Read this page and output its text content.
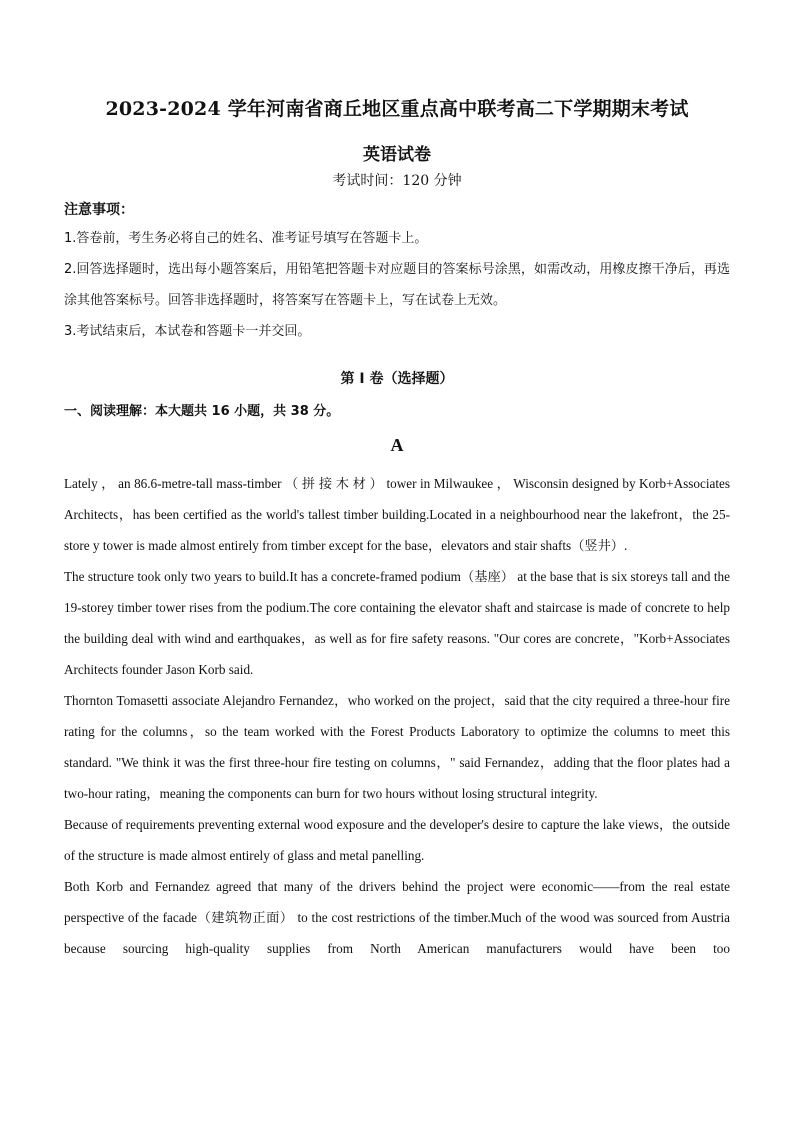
2023-2024 学年河南省商丘地区重点高中联考高二下学期期末考试
英语试卷
考试时间：120 分钟
注意事项：
1.答卷前，考生务必将自己的姓名、准考证号填写在答题卡上。
2.回答选择题时，选出每小题答案后，用铅笔把答题卡对应题目的答案标号涂黑，如需改动，用橡皮擦干净后，再选涂其他答案标号。回答非选择题时，将答案写在答题卡上，写在试卷上无效。
3.考试结束后，本试卷和答题卡一并交回。
第 I 卷（选择题）
一、阅读理解：本大题共 16 小题，共 38 分。
A

Lately ， an 86.6-metre-tall mass-timber （ 拼 接 木 材 ） tower in Milwaukee ， Wisconsin designed by Korb+Associates Architects，has been certified as the world's tallest timber building.Located in a neighbourhood near the lakefront，the 25-store y tower is made almost entirely from timber except for the base，elevators and stair shafts（竖井）.

The structure took only two years to build.It has a concrete-framed podium（基座） at the base that is six storeys tall and the 19-storey timber tower rises from the podium.The core containing the elevator shaft and staircase is made of concrete to help the building deal with wind and earthquakes，as well as for fire safety reasons. "Our cores are concrete，"Korb+Associates Architects founder Jason Korb said.

Thornton Tomasetti associate Alejandro Fernandez，who worked on the project，said that the city required a three-hour fire rating for the columns，so the team worked with the Forest Products Laboratory to optimize the columns to meet this standard. "We think it was the first three-hour fire testing on columns，" said Fernandez，adding that the floor plates had a two-hour rating，meaning the components can burn for two hours without losing structural integrity.

Because of requirements preventing external wood exposure and the developer's desire to capture the lake views，the outside of the structure is made almost entirely of glass and metal panelling.

Both Korb and Fernandez agreed that many of the drivers behind the project were economic——from the real estate perspective of the facade（建筑物正面） to the cost restrictions of the timber.Much of the wood was sourced from Austria because sourcing high-quality supplies from North American manufacturers would have been too
